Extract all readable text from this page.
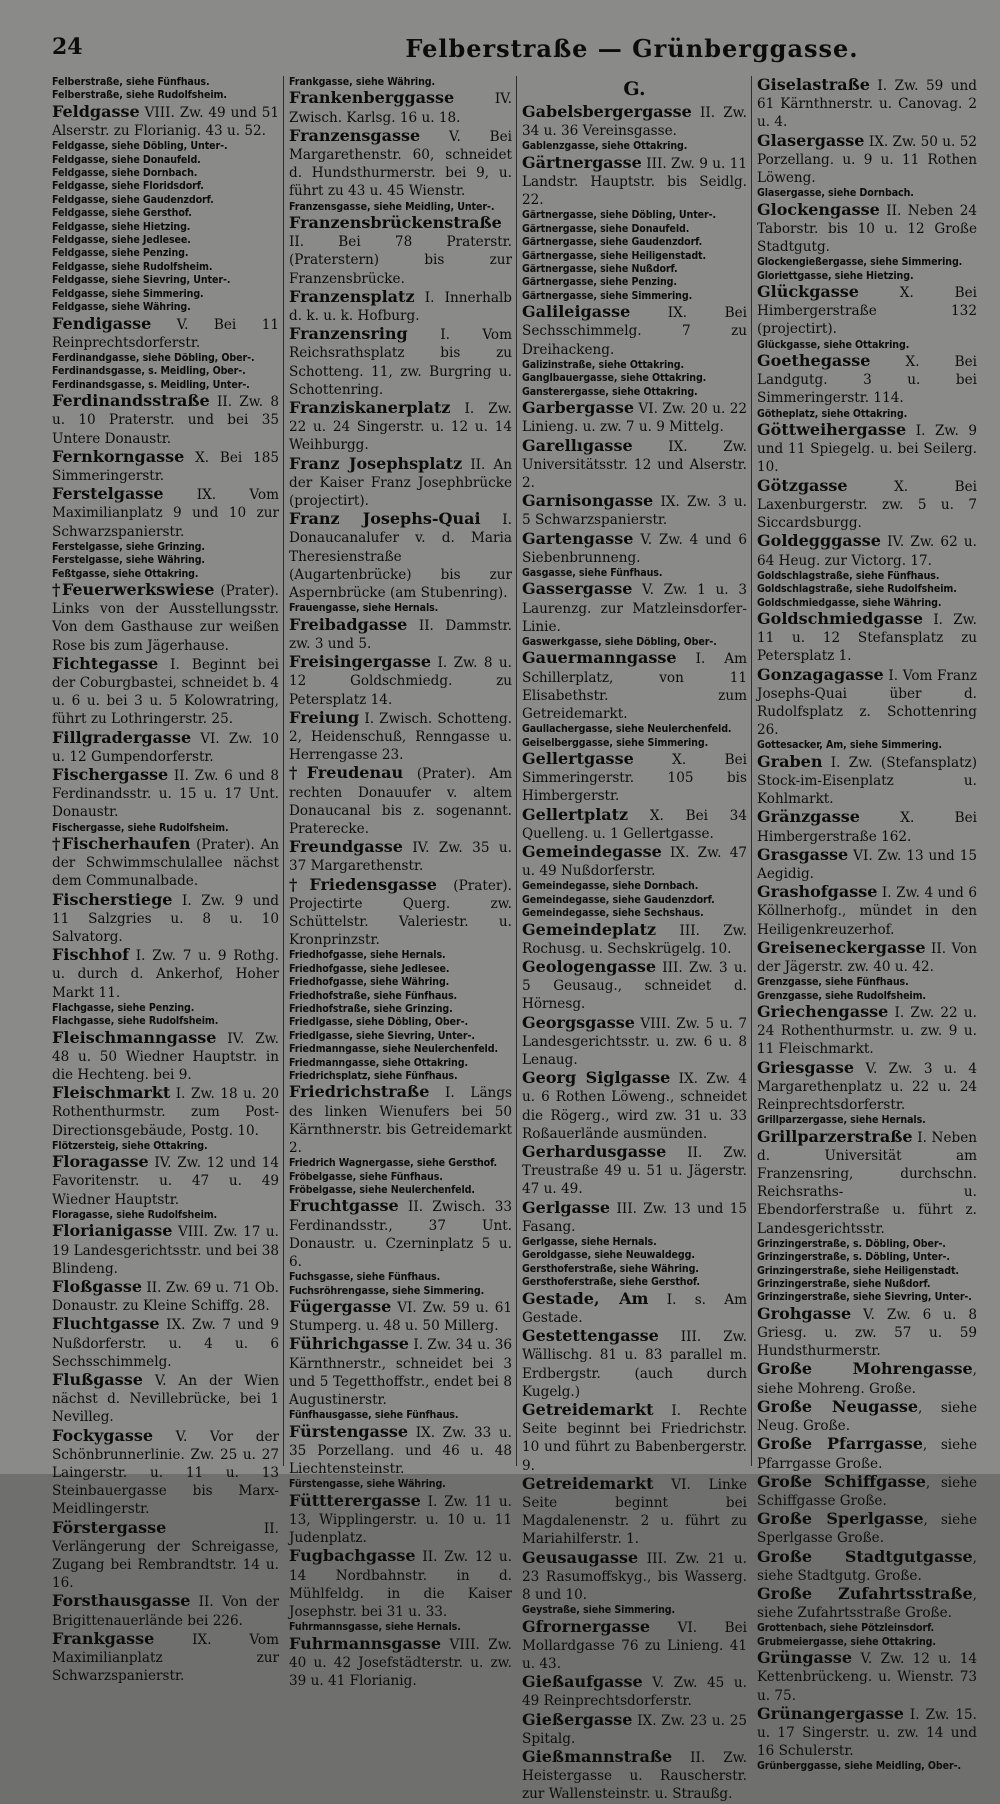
24	Felberstraße — Grünberggasse.
Felberstraße, siehe Fünfhaus.
Felberstraße, siehe Rudolfsheim.
Feldgasse VIII. Zw. 49 und 51 Alserstr. zu Florianig. 43 u. 52.
Feldgasse, siehe Döbling, Unter-.
Feldgasse, siehe Donaufeld.
Feldgasse, siehe Dornbach.
Feldgasse, siehe Floridsdorf.
Feldgasse, siehe Gaudenzdorf.
Feldgasse, siehe Gersthof.
Feldgasse, siehe Hietzing.
Feldgasse, siehe Jedlesee.
Feldgasse, siehe Penzing.
Feldgasse, siehe Rudolfsheim.
Feldgasse, siehe Sievring, Unter-.
Feldgasse, siehe Simmering.
Feldgasse, siehe Währing.
Fendigasse V. Bei 11 Reinprechtsdorferstr.
Ferdinandgasse, siehe Döbling, Ober-.
Ferdinandsgasse, s. Meidling, Ober-.
Ferdinandsgasse, s. Meidling, Unter-.
Ferdinandsstraße II. Zw. 8 u. 10 Praterstr. und bei 35 Untere Donaustr.
Fernkorngasse X. Bei 185 Simmeringerstr.
Ferstelgasse IX. Vom Maximilianplatz 9 und 10 zur Schwarzspanierstr.
Ferstelgasse, siehe Grinzing.
Ferstelgasse, siehe Währing.
Feßtgasse, siehe Ottakring.
†Feuerwerkswiese (Prater). Links von der Ausstellungsstr. Von dem Gasthause zur weißen Rose bis zum Jägerhause.
Fichtegasse I. Beginnt bei der Coburgbastei, schneidet b. 4 u. 6 u. bei 3 u. 5 Kolowratring, führt zu Lothringerstr. 25.
Fillgradergasse VI. Zw. 10 u. 12 Gumpendorferstr.
Fischergasse II. Zw. 6 und 8 Ferdinandsstr. u. 15 u. 17 Unt. Donaustr.
Fischergasse, siehe Rudolfsheim.
†Fischerhaufen (Prater). An der Schwimmschulallee nächst dem Communalbade.
Fischerstiege I. Zw. 9 und 11 Salzgries u. 8 u. 10 Salvatorg.
Fischhof I. Zw. 7 u. 9 Rothg. u. durch d. Ankerhof, Hoher Markt 11.
Flachgasse, siehe Penzing.
Flachgasse, siehe Rudolfsheim.
Fleischmanngasse IV. Zw. 48 u. 50 Wiedner Hauptstr. in die Hechteng. bei 9.
Fleischmarkt I. Zw. 18 u. 20 Rothenthurmstr. zum Post-Directionsgebäude, Postg. 10.
Flötzersteig, siehe Ottakring.
Floragasse IV. Zw. 12 und 14 Favoritenstr. u. 47 u. 49 Wiedner Hauptstr.
Floragasse, siehe Rudolfsheim.
Florianigasse VIII. Zw. 17 u. 19 Landesgerichtsstr. und bei 38 Blindeng.
Floßgasse II. Zw. 69 u. 71 Ob. Donaustr. zu Kleine Schiffg. 28.
Fluchtgasse IX. Zw. 7 und 9 Nußdorferstr. u. 4 u. 6 Sechsschimmelg.
Flußgasse V. An der Wien nächst d. Nevillebrücke, bei 1 Nevilleg.
Fockygasse V. Vor der Schönbrunnerlinie. Zw. 25 u. 27 Laingerstr. u. 11 u. 13 Steinbauergasse bis Marx-Meidlingerstr.
Förstergasse II. Verlängerung der Schreigasse, Zugang bei Rembrandtstr. 14 u. 16.
Forsthausgasse II. Von der Brigittenauerlände bei 226.
Frankgasse IX. Vom Maximilianplatz zur Schwarzspanierstr.
Frankgasse, siehe Währing.
Frankenberggasse IV. Zwisch. Karlsg. 16 u. 18.
Franzensgasse V. Bei Margarethenstr. 60, schneidet d. Hundsthurmerstr. bei 9, u. führt zu 43 u. 45 Wienstr.
Franzensgasse, siehe Meidling, Unter-.
Franzensbrückenstraße II. Bei 78 Praterstr. (Praterstern) bis zur Franzensbrücke.
Franzensplatz I. Innerhalb d. k. u. k. Hofburg.
Franzensring I. Vom Reichsrathsplatz bis zu Schotteng. 11, zw. Burgring u. Schottenring.
Franziskanerplatz I. Zw. 22 u. 24 Singerstr. u. 12 u. 14 Weihburgg.
Franz Josephsplatz II. An der Kaiser Franz Josephbrücke (projectirt).
Franz Josephs-Quai I. Donaucanalufer v. d. Maria Theresienstraße (Augartenbrücke) bis zur Aspernbrücke (am Stubenring).
Frauengasse, siehe Hernals.
Freibadgasse II. Dammstr. zw. 3 und 5.
Freisingergasse I. Zw. 8 u. 12 Goldschmiedg. zu Petersplatz 14.
Freiung I. Zwisch. Schotteng. 2, Heidenschuß, Renngasse u. Herrengasse 23.
†Freudenau (Prater). Am rechten Donauufer v. altem Donaucanal bis z. sogenannt. Praterecke.
Freundgasse IV. Zw. 35 u. 37 Margarethenstr.
†Friedensgasse (Prater). Projectirte Querg. zw. Schüttelstr. Valeriestr. u. Kronprinzstr.
Friedhofgasse, siehe Hernals.
Friedhofgasse, siehe Jedlesee.
Friedhofgasse, siehe Währing.
Friedhofstraße, siehe Fünfhaus.
Friedhofstraße, siehe Grinzing.
Friedlgasse, siehe Döbling, Ober-.
Friedlgasse, siehe Sievring, Unter-.
Friedmanngasse, siehe Neulerchenfeld.
Friedmanngasse, siehe Ottakring.
Friedrichsplatz, siehe Fünfhaus.
Friedrichstraße I. Längs des linken Wienufers bei 50 Kärnthnerstr. bis Getreidemarkt 2.
Friedrich Wagnergasse, siehe Gersthof.
Fröbelgasse, siehe Fünfhaus.
Fröbelgasse, siehe Neulerchenfeld.
Fruchtgasse II. Zwisch. 33 Ferdinandsstr., 37 Unt. Donaustr. u. Czerninplatz 5 u. 6.
Fuchsgasse, siehe Fünfhaus.
Fuchsröhrengasse, siehe Simmering.
Fügergasse VI. Zw. 59 u. 61 Stumperg. u. 48 u. 50 Millerg.
Führichgasse I. Zw. 34 u. 36 Kärnthnerstr., schneidet bei 3 und 5 Tegetthoffstr., endet bei 8 Augustinerstr.
Fünfhausgasse, siehe Fünfhaus.
Fürstengasse IX. Zw. 33 u. 35 Porzellang. und 46 u. 48 Liechtensteinstr.
Fürstengasse, siehe Währing.
Füttterergasse I. Zw. 11 u. 13, Wipplingerstr. u. 10 u. 11 Judenplatz.
Fugbachgasse II. Zw. 12 u. 14 Nordbahnstr. in d. Mühlfeldg. in die Kaiser Josephstr. bei 31 u. 33.
Fuhrmannsgasse, siehe Hernals.
Fuhrmannsgasse VIII. Zw. 40 u. 42 Josefstädterstr. u. zw. 39 u. 41 Florianig.
G.
Gabelsbergergasse II. Zw. 34 u. 36 Vereinsgasse.
Gablenzgasse, siehe Ottakring.
Gärtnergasse III. Zw. 9 u. 11 Landstr. Hauptstr. bis Seidlg. 22.
Gärtnergasse, siehe Döbling, Unter-.
Gärtnergasse, siehe Donaufeld.
Gärtnergasse, siehe Gaudenzdorf.
Gärtnergasse, siehe Heiligenstadt.
Gärtnergasse, siehe Nußdorf.
Gärtnergasse, siehe Penzing.
Gärtnergasse, siehe Simmering.
Galileigasse IX. Bei Sechsschimmelg. 7 zu Dreihackeng.
Galizinstraße, siehe Ottakring.
Ganglbauergasse, siehe Ottakring.
Gansterergasse, siehe Ottakring.
Garbergasse VI. Zw. 20 u. 22 Linieng. u. zw. 7 u. 9 Mittelg.
Garellıgasse IX. Zw. Universitätsstr. 12 und Alserstr. 2.
Garnisongasse IX. Zw. 3 u. 5 Schwarzspanierstr.
Gartengasse V. Zw. 4 und 6 Siebenbrunneng.
Gasgasse, siehe Fünfhaus.
Gassergasse V. Zw. 1 u. 3 Laurenzg. zur Matzleinsdorfer-Linie.
Gaswerkgasse, siehe Döbling, Ober-.
Gauermanngasse I. Am Schillerplatz, von 11 Elisabethstr. zum Getreidemarkt.
Gaullachergasse, siehe Neulerchenfeld.
Geiselberggasse, siehe Simmering.
Gellertgasse X. Bei Simmeringerstr. 105 bis Himbergerstr.
Gellertplatz X. Bei 34 Quelleng. u. 1 Gellertgasse.
Gemeindegasse IX. Zw. 47 u. 49 Nußdorferstr.
Gemeindegasse, siehe Dornbach.
Gemeindegasse, siehe Gaudenzdorf.
Gemeindegasse, siehe Sechshaus.
Gemeindeplatz III. Zw. Rochusg. u. Sechskrügelg. 10.
Geologengasse III. Zw. 3 u. 5 Geusaug., schneidet d. Hörnesg.
Georgsgasse VIII. Zw. 5 u. 7 Landesgerichtsstr. u. zw. 6 u. 8 Lenaug.
Georg Siglgasse IX. Zw. 4 u. 6 Rothen Löweng., schneidet die Rögerg., wird zw. 31 u. 33 Roßauerlände ausmünden.
Gerhardusgasse II. Zw. Treustraße 49 u. 51 u. Jägerstr. 47 u. 49.
Gerlgasse III. Zw. 13 und 15 Fasang.
Gerlgasse, siehe Hernals.
Geroldgasse, siehe Neuwaldegg.
Gersthoferstraße, siehe Währing.
Gersthoferstraße, siehe Gersthof.
Gestade, Am I. s. Am Gestade.
Gestettengasse III. Zw. Wällischg. 81 u. 83 parallel m. Erdbergstr. (auch durch Kugelg.)
Getreidemarkt I. Rechte Seite beginnt bei Friedrichstr. 10 und führt zu Babenbergerstr. 9.
Getreidemarkt VI. Linke Seite beginnt bei Magdalenenstr. 2 u. führt zu Mariahilferstr. 1.
Geusaugasse III. Zw. 21 u. 23 Rasumoffskyg., bis Wasserg. 8 und 10.
Geystraße, siehe Simmering.
Gfrornergasse VI. Bei Mollardgasse 76 zu Linieng. 41 u. 43.
Gießaufgasse V. Zw. 45 u. 49 Reinprechtsdorferstr.
Gießergasse IX. Zw. 23 u. 25 Spitalg.
Gießmannstraße II. Zw. Heistergasse u. Rauscherstr. zur Wallensteinstr. u. Straußg.
Giselastraße I. Zw. 59 und 61 Kärnthnerstr. u. Canovag. 2 u. 4.
Glasergasse IX. Zw. 50 u. 52 Porzellang. u. 9 u. 11 Rothen Löweng.
Glasergasse, siehe Dornbach.
Glockengasse II. Neben 24 Taborstr. bis 10 u. 12 Große Stadtgutg.
Glockengießergasse, siehe Simmering.
Gloriettgasse, siehe Hietzing.
Glückgasse X. Bei Himbergerstraße 132 (projectirt).
Glückgasse, siehe Ottakring.
Goethegasse X. Bei Landgutg. 3 u. bei Simmeringerstr. 114.
Götheplatz, siehe Ottakring.
Göttweihergasse I. Zw. 9 und 11 Spiegelg. u. bei Seilerg. 10.
Götzgasse X. Bei Laxenburgerstr. zw. 5 u. 7 Siccardsburgg.
Goldegggasse IV. Zw. 62 u. 64 Heug. zur Victorg. 17.
Goldschlagstraße, siehe Fünfhaus.
Goldschlagstraße, siehe Rudolfsheim.
Goldschmiedgasse, siehe Währing.
Goldschmiedgasse I. Zw. 11 u. 12 Stefansplatz zu Petersplatz 1.
Gonzagagasse I. Vom Franz Josephs-Quai über d. Rudolfsplatz z. Schottenring 26.
Gottesacker, Am, siehe Simmering.
Graben I. Zw. (Stefansplatz) Stock-im-Eisenplatz u. Kohlmarkt.
Gränzgasse X. Bei Himbergerstraße 162.
Grasgasse VI. Zw. 13 und 15 Aegidig.
Grashofgasse I. Zw. 4 und 6 Köllnerhofg., mündet in den Heiligenkreuzerhof.
Greiseneckergasse II. Von der Jägerstr. zw. 40 u. 42.
Grenzgasse, siehe Fünfhaus.
Grenzgasse, siehe Rudolfsheim.
Griechengasse I. Zw. 22 u. 24 Rothenthurmstr. u. zw. 9 u. 11 Fleischmarkt.
Griesgasse V. Zw. 3 u. 4 Margarethenplatz u. 22 u. 24 Reinprechtsdorferstr.
Grillparzergasse, siehe Hernals.
Grillparzerstraße I. Neben d. Universität am Franzensring, durchschn. Reichsraths- u. Ebendorferstraße u. führt z. Landesgerichtsstr.
Grinzingerstraße, s. Döbling, Ober-.
Grinzingerstraße, s. Döbling, Unter-.
Grinzingerstraße, siehe Heiligenstadt.
Grinzingerstraße, siehe Nußdorf.
Grinzingerstraße, siehe Sievring, Unter-.
Grohgasse V. Zw. 6 u. 8 Griesg. u. zw. 57 u. 59 Hundsthurmerstr.
Große Mohrengasse, siehe Mohreng. Große.
Große Neugasse, siehe Neug. Große.
Große Pfarrgasse, siehe Pfarrgasse Große.
Große Schiffgasse, siehe Schiffgasse Große.
Große Sperlgasse, siehe Sperlgasse Große.
Große Stadtgutgasse, siehe Stadtgutg. Große.
Große Zufahrtsstraße, siehe Zufahrtsstraße Große.
Grottenbach, siehe Pötzleinsdorf.
Grubmeiergasse, siehe Ottakring.
Grüngasse V. Zw. 12 u. 14 Kettenbrückeng. u. Wienstr. 73 u. 75.
Grünangergasse I. Zw. 15. u. 17 Singerstr. u. zw. 14 und 16 Schulerstr.
Grünberggasse, siehe Meidling, Ober-.
